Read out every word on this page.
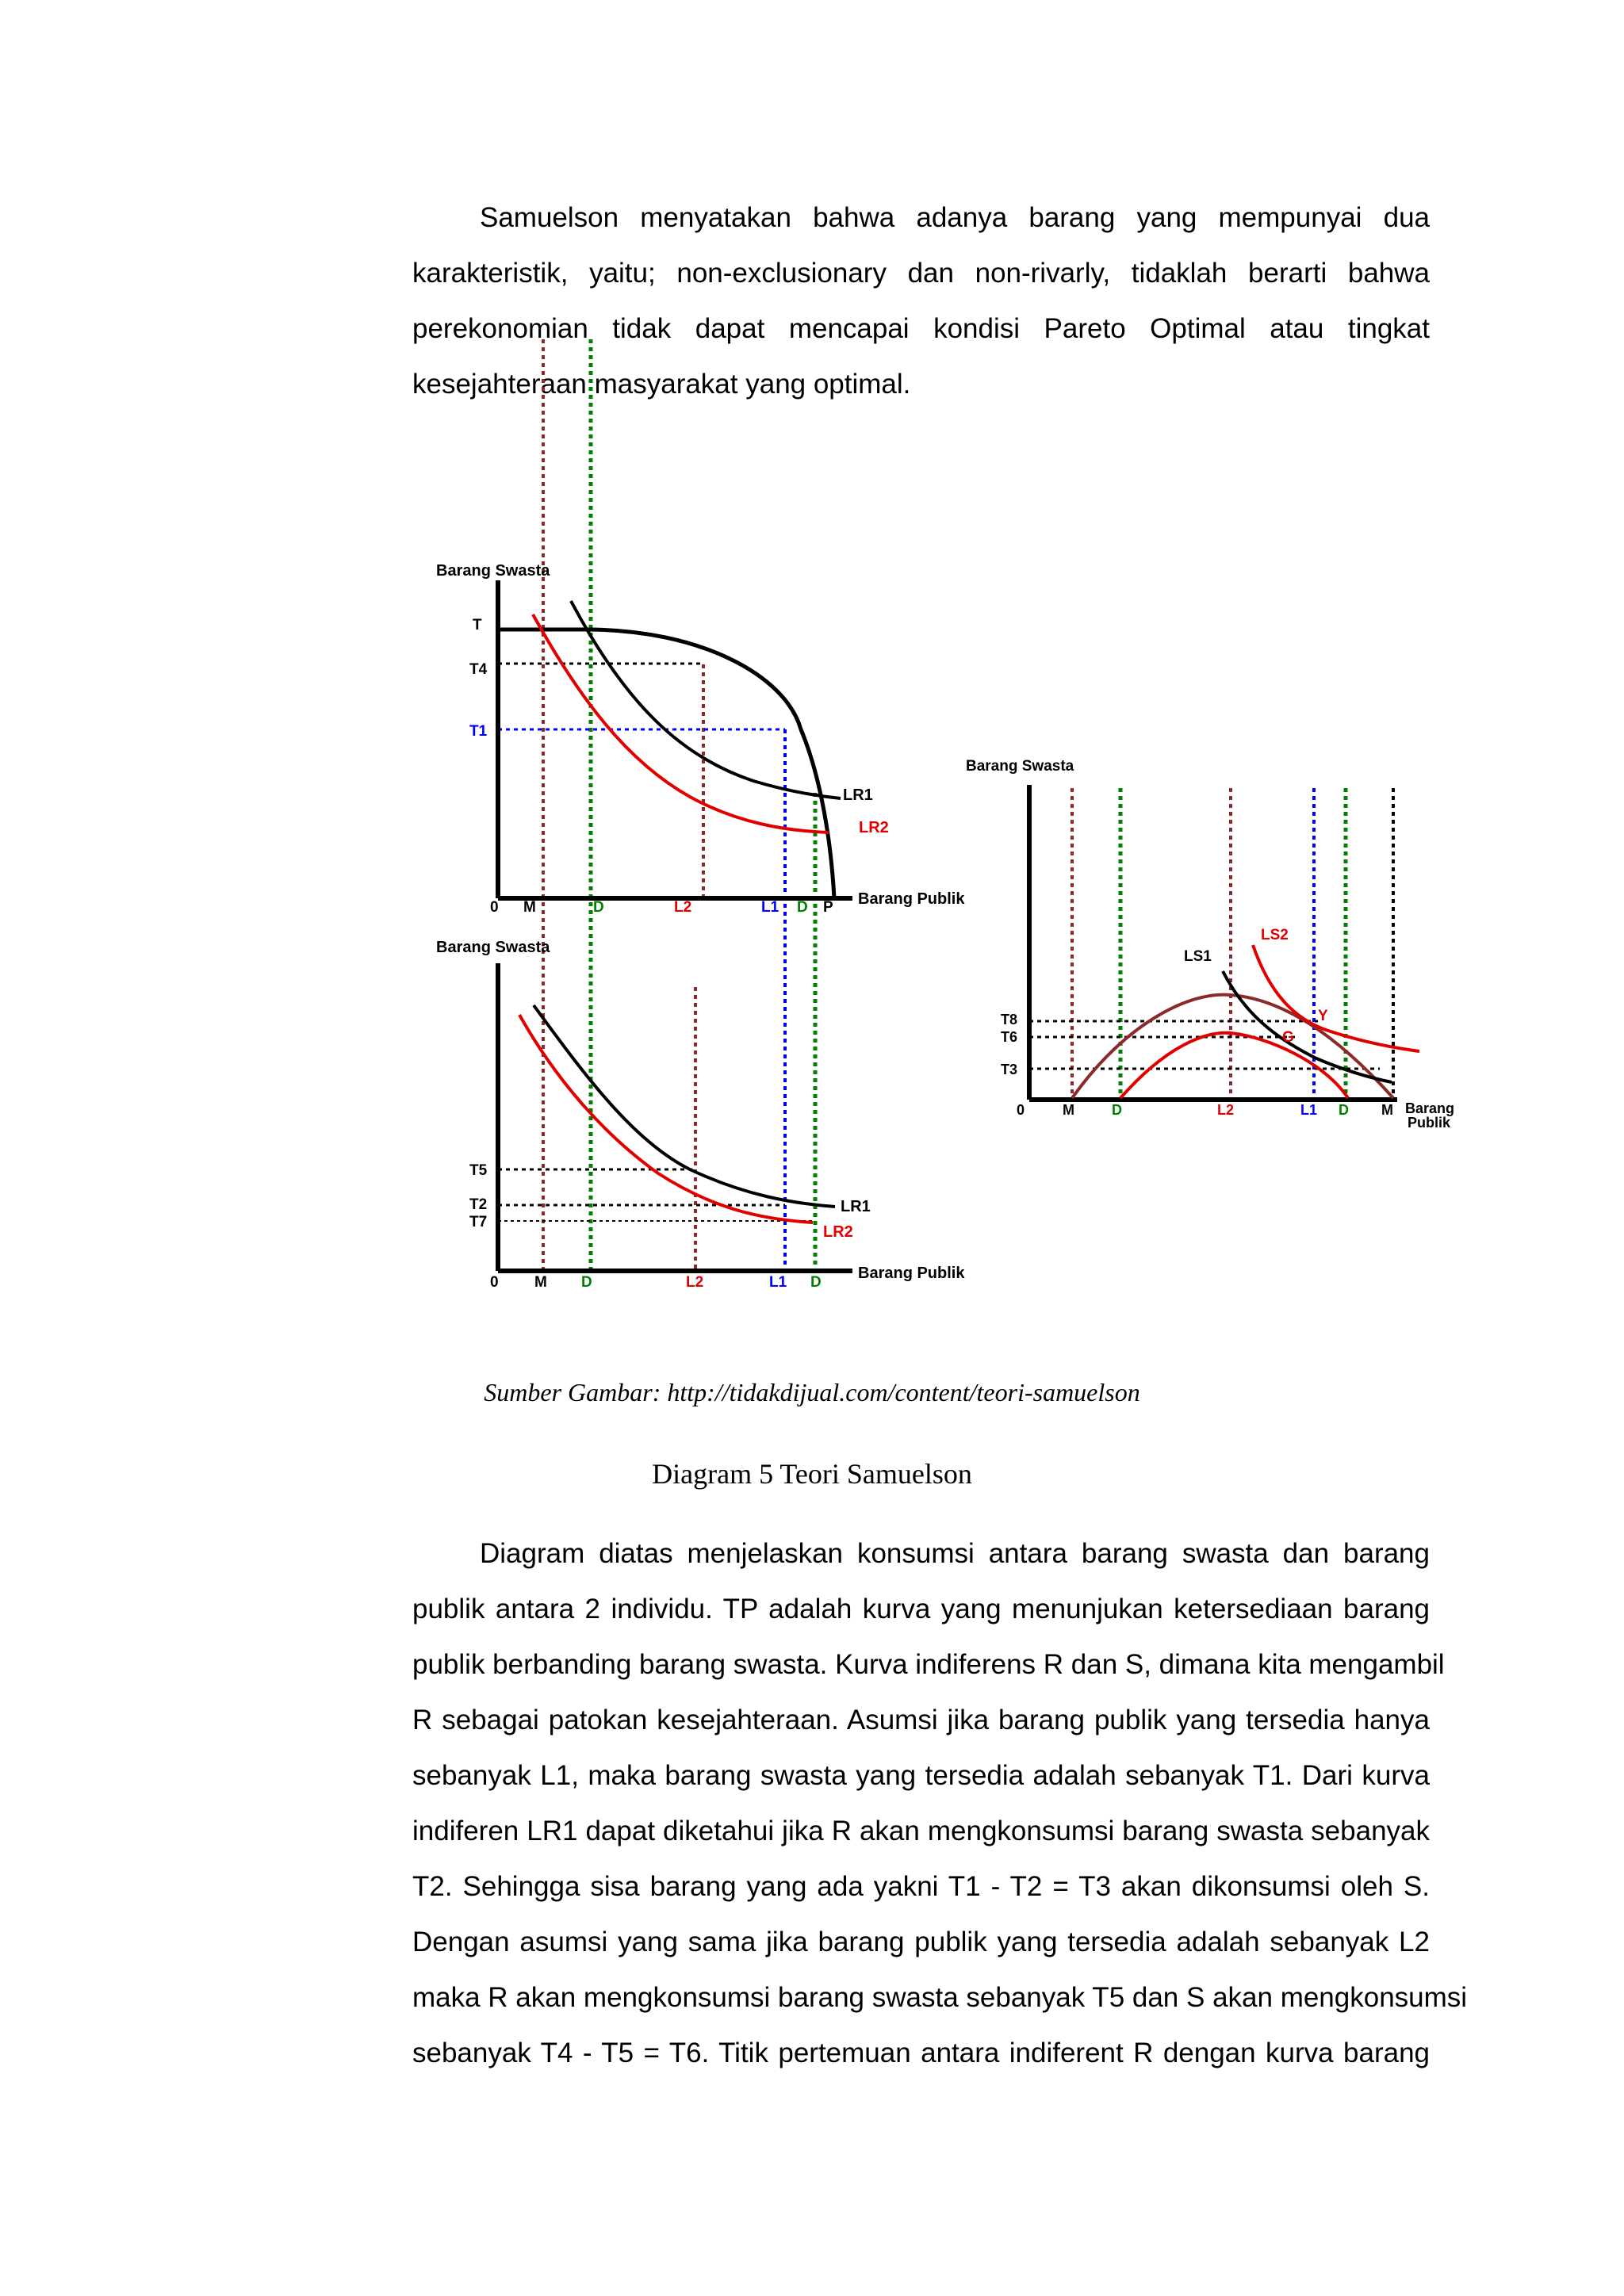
Samuelson menyatakan bahwa adanya barang yang mempunyai dua
karakteristik, yaitu; non-exclusionary dan non-rivarly, tidaklah berarti bahwa
perekonomian tidak dapat mencapai kondisi Pareto Optimal atau tingkat
kesejahteraan masyarakat yang optimal.
Barang Swasta
T
T4
T1
0 M	D	L2	L1 D P Barang Publik
LR1
LR2
Barang Swasta
T5
T2
T7
0 M D	L2	L1 D
Barang Publik
LR1
LR2
Barang Swasta
T8
T6
T3
0	M	D	L2	L1 D M Barang
Publik
LS1
LS2
Y
G
Sumber Gambar: http://tidakdijual.com/content/teori-samuelson
Diagram 5 Teori Samuelson
Diagram diatas menjelaskan konsumsi antara barang swasta dan barang
publik antara 2 individu. TP adalah kurva yang menunjukan ketersediaan barang
publik berbanding barang swasta. Kurva indiferens R dan S, dimana kita mengambil
R sebagai patokan kesejahteraan. Asumsi jika barang publik yang tersedia hanya
sebanyak L1, maka barang swasta yang tersedia adalah sebanyak T1. Dari kurva
indiferen LR1 dapat diketahui jika R akan mengkonsumsi barang swasta sebanyak
T2. Sehingga sisa barang yang ada yakni T1 - T2 = T3 akan dikonsumsi oleh S.
Dengan asumsi yang sama jika barang publik yang tersedia adalah sebanyak L2
maka R akan mengkonsumsi barang swasta sebanyak T5 dan S akan mengkonsumsi
sebanyak T4 - T5 = T6. Titik pertemuan antara indiferent R dengan kurva barang
